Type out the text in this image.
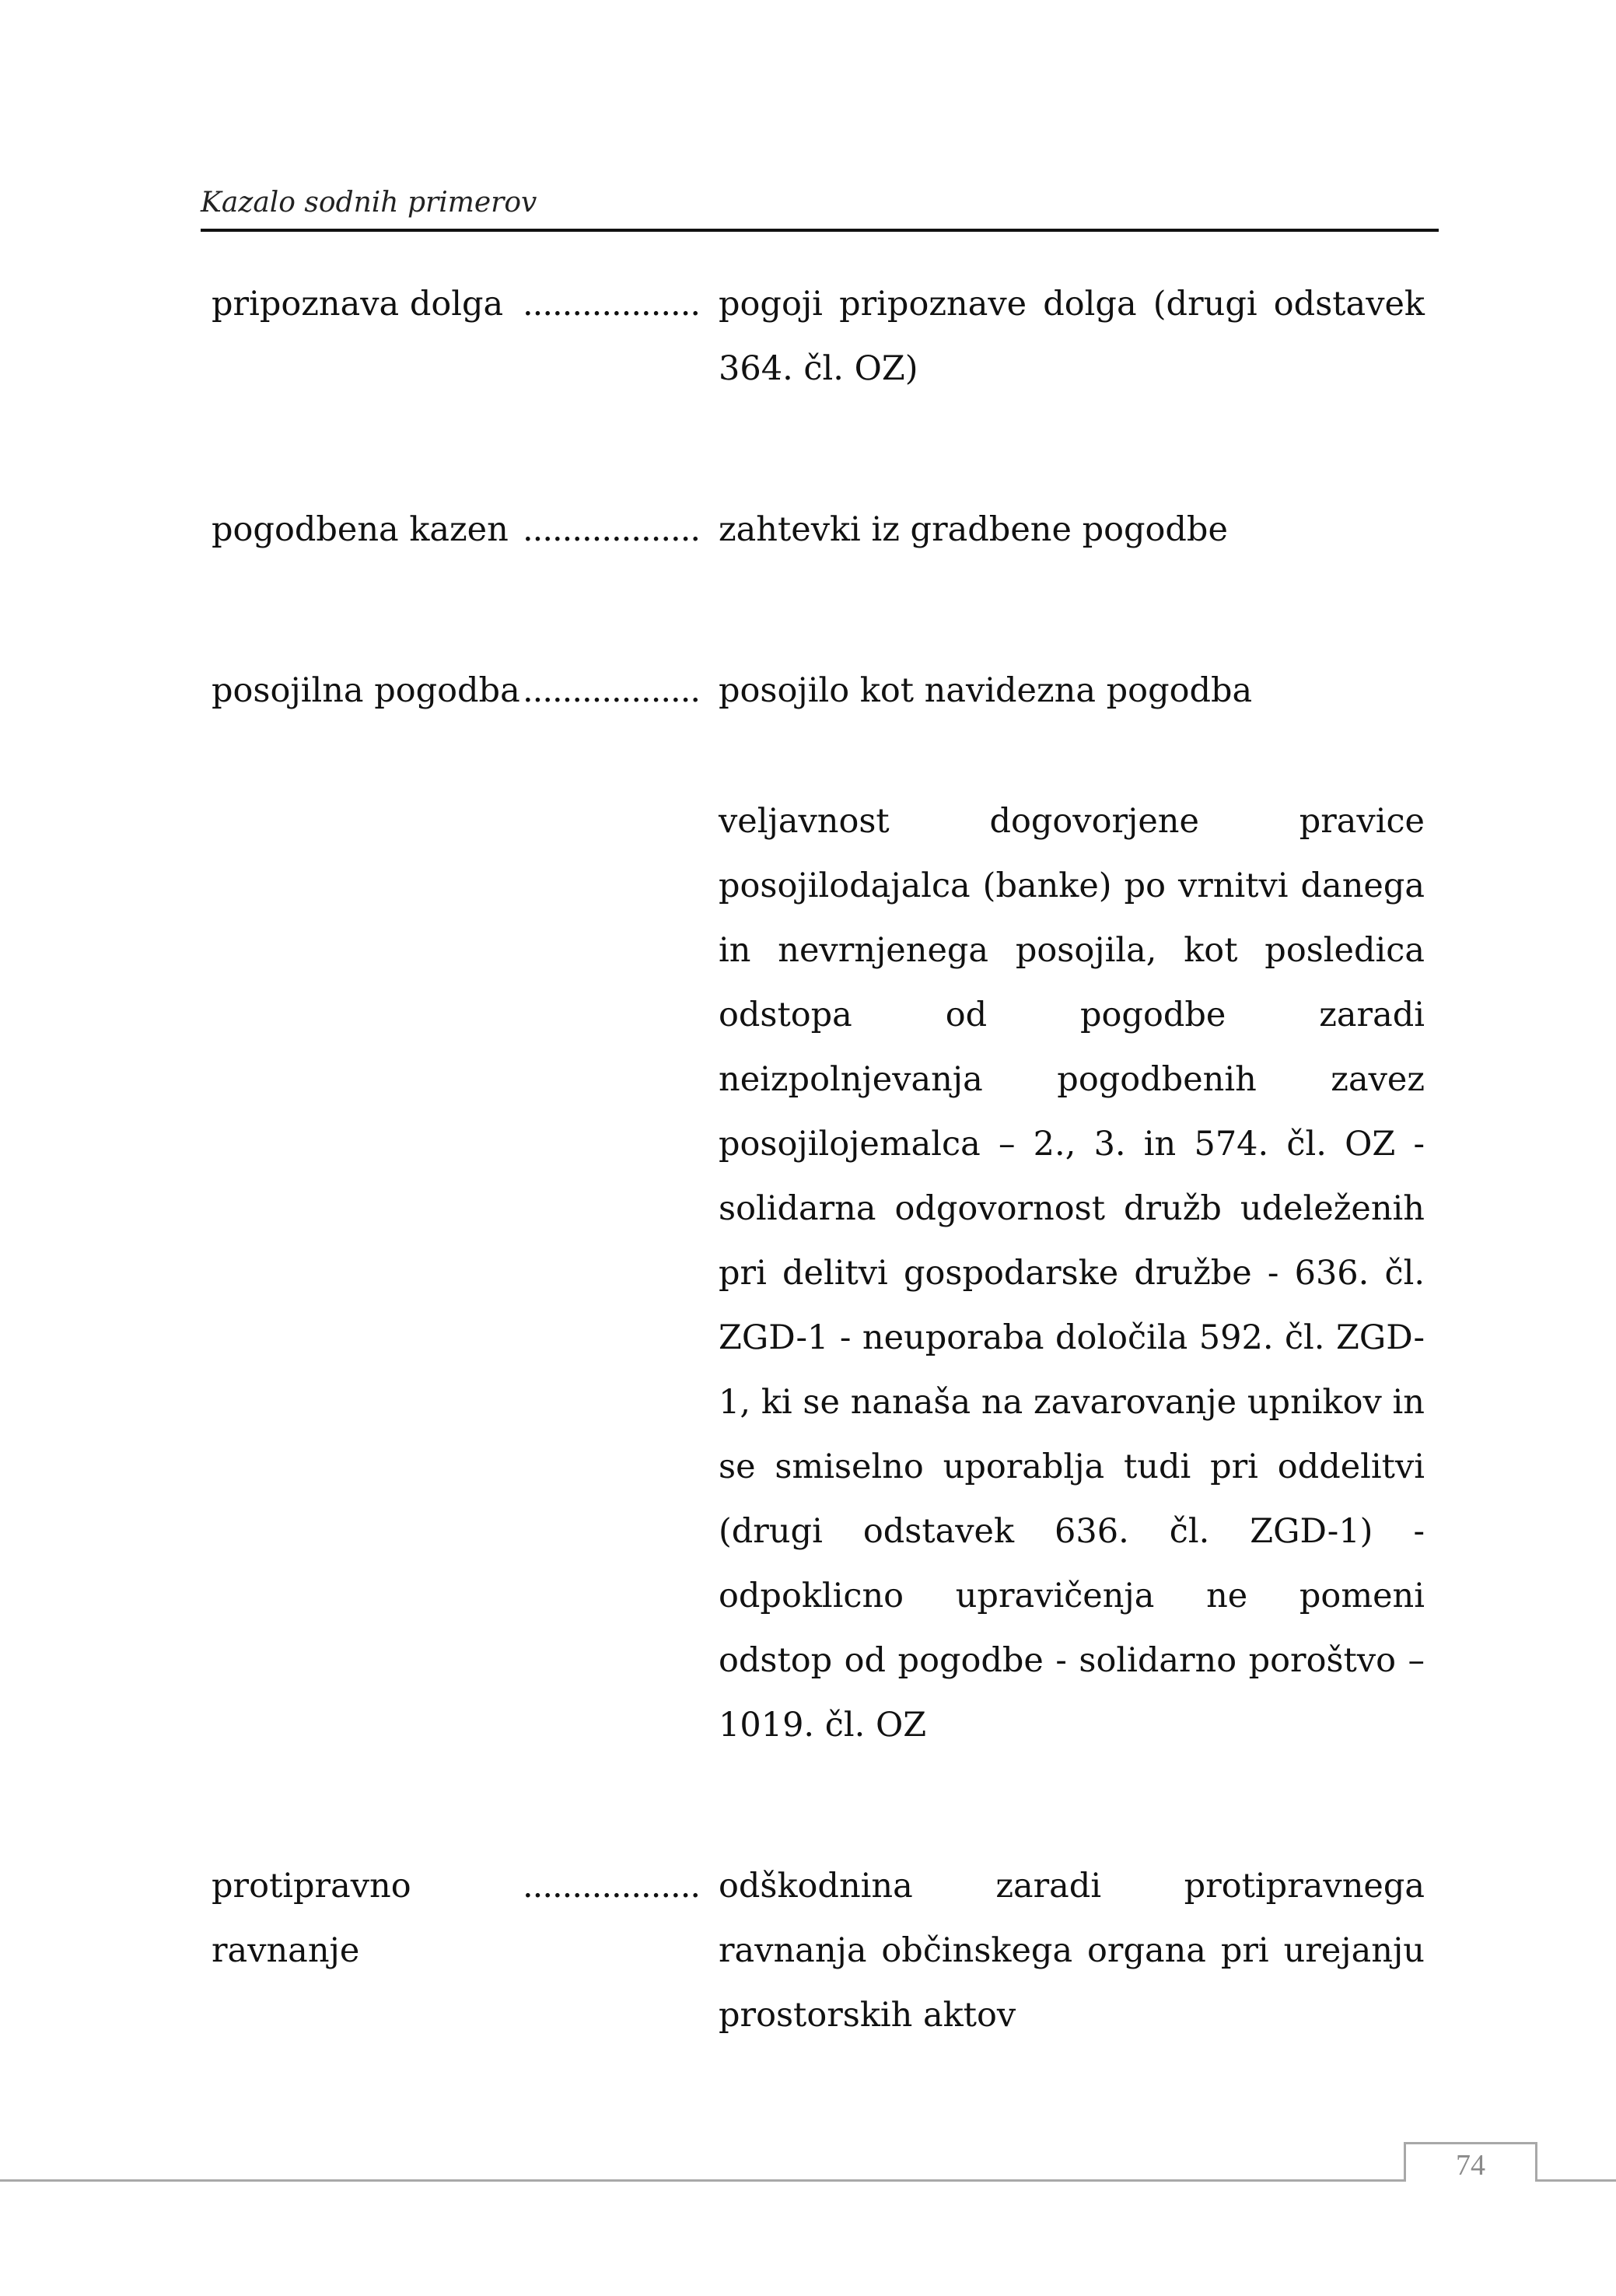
Kazalo sodnih primerov
pripoznava dolga .................. pogoji pripoznave dolga (drugi odstavek 364. čl. OZ)

pogodbena kazen .................. zahtevki iz gradbene pogodbe

posojilna pogodba .................. posojilo kot navidezna pogodba

veljavnost dogovorjene pravice posojilodajalca (banke) po vrnitvi danega in nevrnjenega posojila, kot posledica odstopa od pogodbe zaradi neizpolnjevanja pogodbenih zavez posojilojemalca – 2., 3. in 574. čl. OZ - solidarna odgovornost družb udeleženih pri delitvi gospodarske družbe - 636. čl. ZGD-1 - neuporaba določila 592. čl. ZGD-1, ki se nanaša na zavarovanje upnikov in se smiselno uporablja tudi pri oddelitvi (drugi odstavek 636. čl. ZGD-1) - odpoklicno upravičenja ne pomeni odstop od pogodbe - solidarno poroštvo – 1019. čl. OZ

protipravno ravnanje
.................. odškodnina zaradi protipravnega ravnanja občinskega organa pri urejanju prostorskih aktov

74
